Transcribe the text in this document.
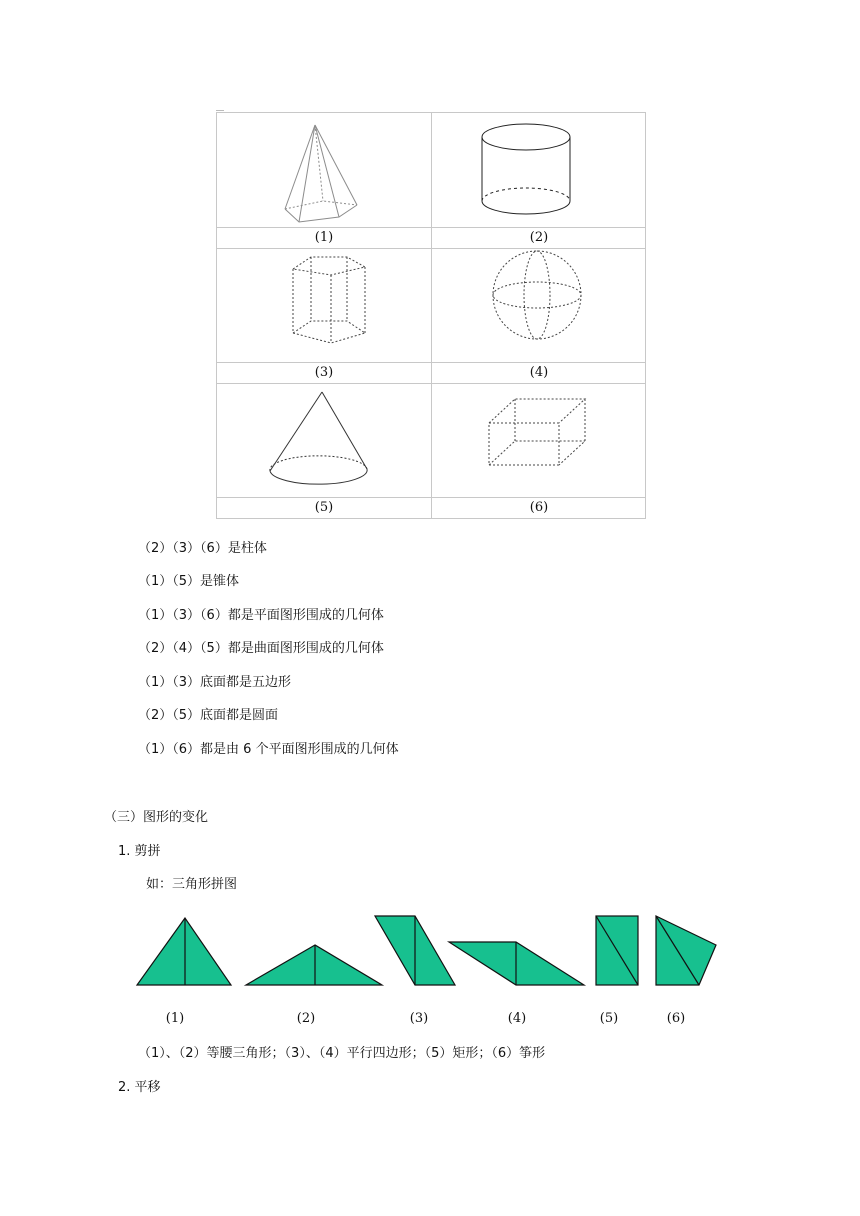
(1)	(2)
(3)	(4)
(5)	(6)
（2）（3）（6）是柱体
（1）（5）是锥体
（1）（3）（6）都是平面图形围成的几何体
（2）（4）（5）都是曲面图形围成的几何体
（1）（3）底面都是五边形
（2）（5）底面都是圆面
（1）（6）都是由 6 个平面图形围成的几何体
（三）图形的变化
1. 剪拼
如：三角形拼图
(1)	(2)	(3)	(4)	(5)	(6)
（1）、（2）等腰三角形；（3）、（4）平行四边形；（5）矩形；（6）筝形
2. 平移
